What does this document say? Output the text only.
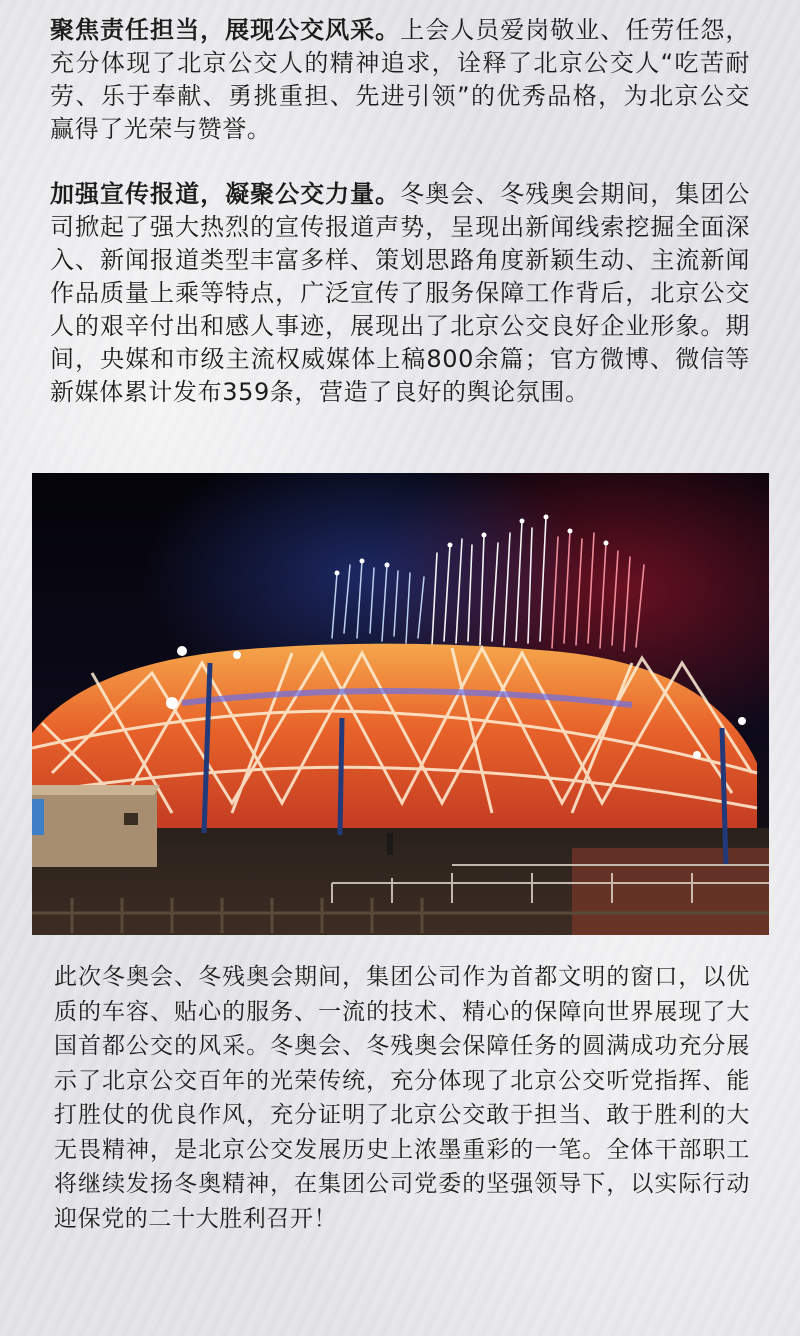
聚焦责任担当，展现公交风采。上会人员爱岗敬业、任劳任怨，充分体现了北京公交人的精神追求，诠释了北京公交人“吃苦耐劳、乐于奉献、勇挑重担、先进引领”的优秀品格，为北京公交赢得了光荣与赞誉。

加强宣传报道，凝聚公交力量。冬奥会、冬残奥会期间，集团公司掀起了强大热烈的宣传报道声势，呈现出新闻线索挖掘全面深入、新闻报道类型丰富多样、策划思路角度新颖生动、主流新闻作品质量上乘等特点，广泛宣传了服务保障工作背后，北京公交人的艰辛付出和感人事迹，展现出了北京公交良好企业形象。期间，央媒和市级主流权威媒体上稿800余篇；官方微博、微信等新媒体累计发布359条，营造了良好的舆论氛围。

此次冬奥会、冬残奥会期间，集团公司作为首都文明的窗口，以优质的车容、贴心的服务、一流的技术、精心的保障向世界展现了大国首都公交的风采。冬奥会、冬残奥会保障任务的圆满成功充分展示了北京公交百年的光荣传统，充分体现了北京公交听党指挥、能打胜仗的优良作风，充分证明了北京公交敢于担当、敢于胜利的大无畏精神，是北京公交发展历史上浓墨重彩的一笔。全体干部职工将继续发扬冬奥精神，在集团公司党委的坚强领导下，以实际行动迎保党的二十大胜利召开！
